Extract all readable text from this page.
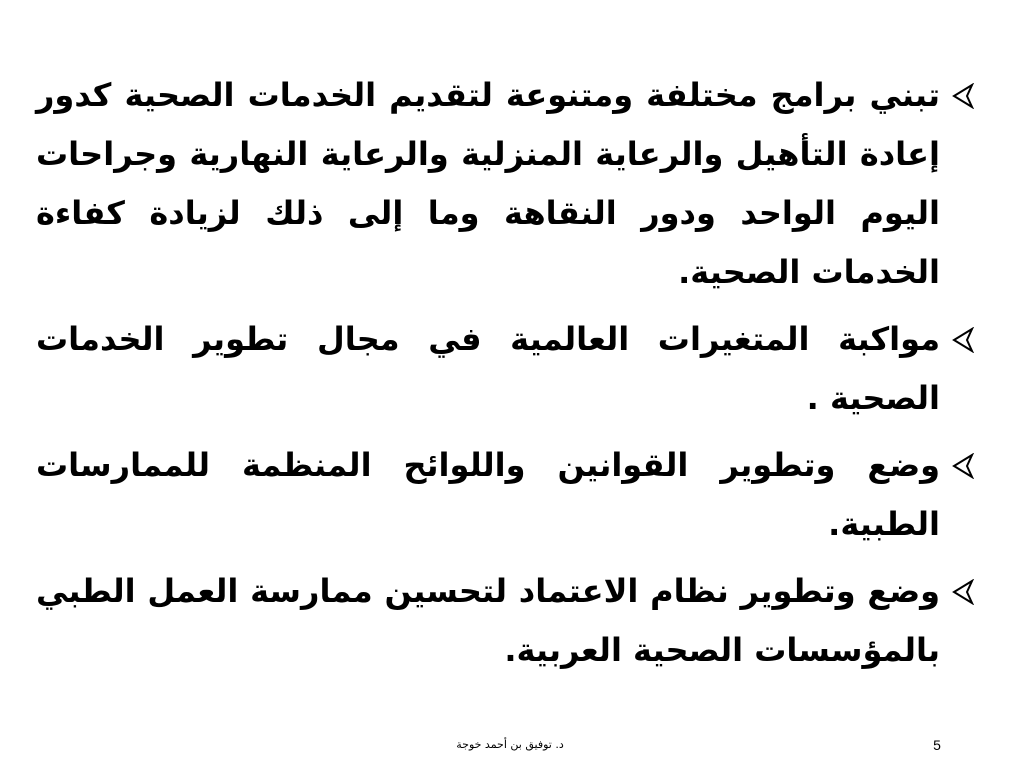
تبني برامج مختلفة ومتنوعة لتقديم الخدمات الصحية كدور إعادة التأهيل والرعاية المنزلية والرعاية النهارية وجراحات اليوم الواحد ودور النقاهة وما إلى ذلك لزيادة كفاءة الخدمات الصحية.
مواكبة المتغيرات العالمية في مجال تطوير الخدمات الصحية .
وضع وتطوير القوانين واللوائح المنظمة للممارسات الطبية.
وضع وتطوير نظام الاعتماد لتحسين ممارسة العمل الطبي بالمؤسسات الصحية العربية.
د. توفيق بن أحمد خوجة	5
